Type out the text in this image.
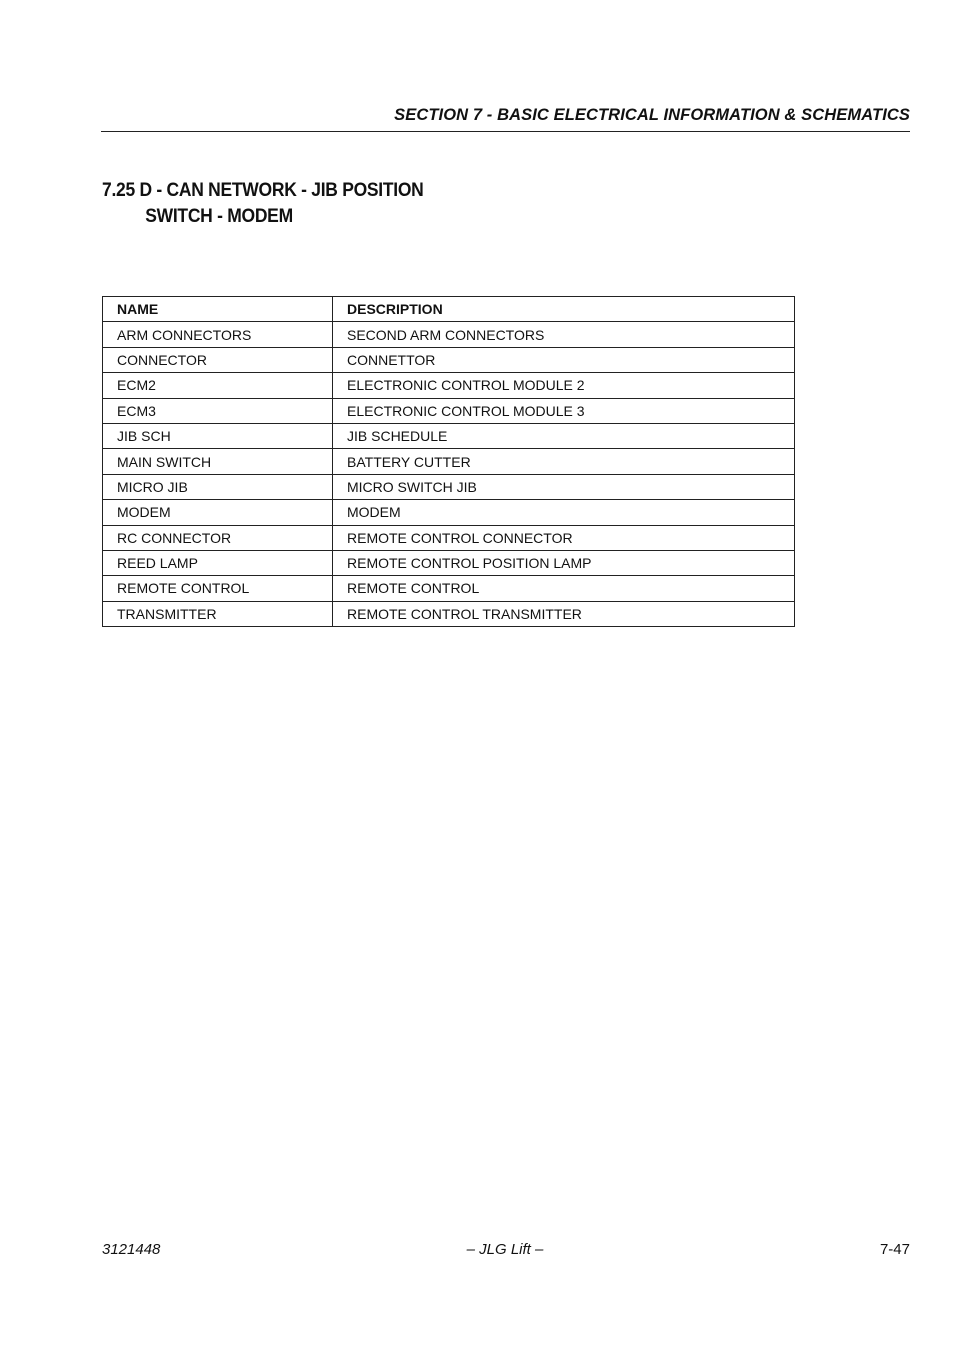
SECTION 7 - BASIC ELECTRICAL INFORMATION & SCHEMATICS
7.25 D - CAN NETWORK - JIB POSITION
SWITCH - MODEM
NAME	DESCRIPTION
ARM CONNECTORS	SECOND ARM CONNECTORS
CONNECTOR	CONNETTOR
ECM2	ELECTRONIC CONTROL MODULE 2
ECM3	ELECTRONIC CONTROL MODULE 3
JIB SCH	JIB SCHEDULE
MAIN SWITCH	BATTERY CUTTER
MICRO JIB	MICRO SWITCH JIB
MODEM	MODEM
RC CONNECTOR	REMOTE CONTROL CONNECTOR
REED LAMP	REMOTE CONTROL POSITION LAMP
REMOTE CONTROL	REMOTE CONTROL
TRANSMITTER	REMOTE CONTROL TRANSMITTER
3121448	– JLG Lift –	7-47
